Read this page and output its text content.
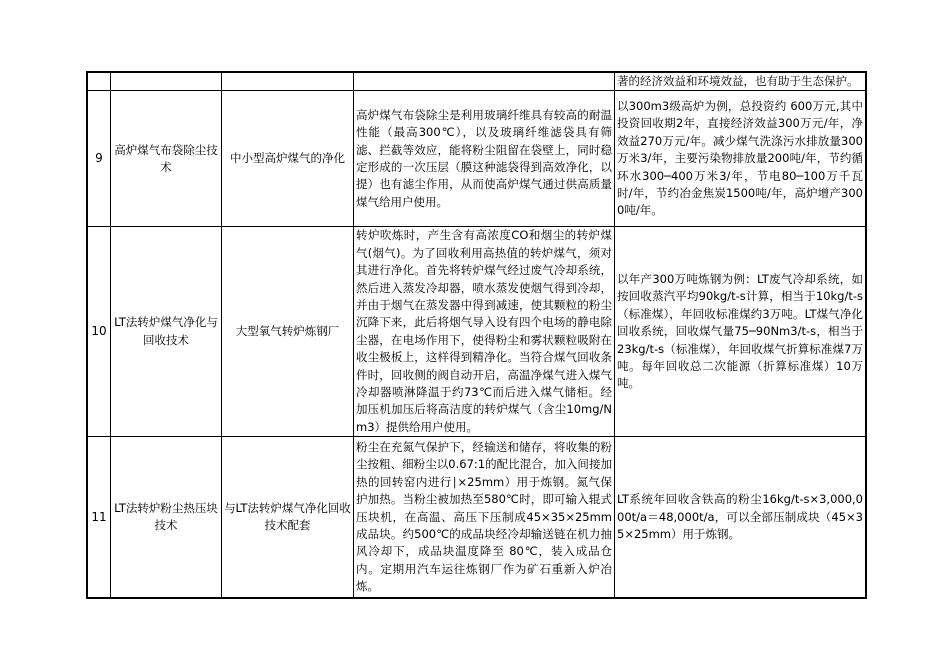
				著的经济效益和环境效益，也有助于生态保护。
9	高炉煤气布袋除尘技术	中小型高炉煤气的净化	高炉煤气布袋除尘是利用玻璃纤维具有较高的耐温性能（最高300℃），以及玻璃纤维滤袋具有筛滤、拦截等效应，能将粉尘阻留在袋壁上，同时稳定形成的一次压层（膜这种滤袋得到高效净化，以提）也有滤尘作用，从而使高炉煤气通过供高质量煤气给用户使用。	以300m3级高炉为例，总投资约 600万元,其中投资回收期2年，直接经济效益300万元/年，净效益270万元/年。减少煤气洗涤污水排放量300万米3/年，主要污染物排放量200吨/年，节约循环水300─400万米3/年，节电80─100万千瓦时/年，节约冶金焦炭1500吨/年，高炉增产3000吨/年。
10	LT法转炉煤气净化与回收技术	大型氧气转炉炼钢厂	转炉吹炼时，产生含有高浓度CO和烟尘的转炉煤气(烟气)。为了回收利用高热值的转炉煤气，须对其进行净化。首先将转炉煤气经过废气冷却系统，然后进入蒸发冷却器，喷水蒸发使烟气得到冷却，并由于烟气在蒸发器中得到减速，使其颗粒的粉尘沉降下来，此后将烟气导入设有四个电场的静电除尘器，在电场作用下，使得粉尘和雾状颗粒吸附在收尘极板上，这样得到精净化。当符合煤气回收条件时，回收侧的阀自动开启，高温净煤气进入煤气冷却器喷淋降温于约73℃而后进入煤气储柜。经加压机加压后将高洁度的转炉煤气（含尘10mg/Nm3）提供给用户使用。	以年产300万吨炼钢为例：LT废气冷却系统，如按回收蒸汽平均90kg/t-s计算，相当于10kg/t-s（标准煤），年回收标准煤约3万吨。LT煤气净化回收系统，回收煤气量75─90Nm3/t-s，相当于23kg/t-s（标准煤），年回收煤气折算标准煤7万吨。每年回收总二次能源（折算标准煤）10万吨。
11	LT法转炉粉尘热压块技术	与LT法转炉煤气净化回收技术配套	粉尘在充氮气保护下，经输送和储存，将收集的粉尘按粗、细粉尘以0.67:1的配比混合，加入间接加热的回转窑内进行∣×25mm）用于炼钢。氮气保护加热。当粉尘被加热至580℃时，即可输入辊式压块机，在高温、高压下压制成45×35×25mm成品块。约500℃的成品块经冷却输送链在机力抽风冷却下，成品块温度降至 80℃，装入成品仓内。定期用汽车运往炼钢厂作为矿石重新入炉冶炼。	LT系统年回收含铁高的粉尘16kg/t-s×3,000,000t/a＝48,000t/a，可以全部压制成块（45×35×25mm）用于炼钢。
